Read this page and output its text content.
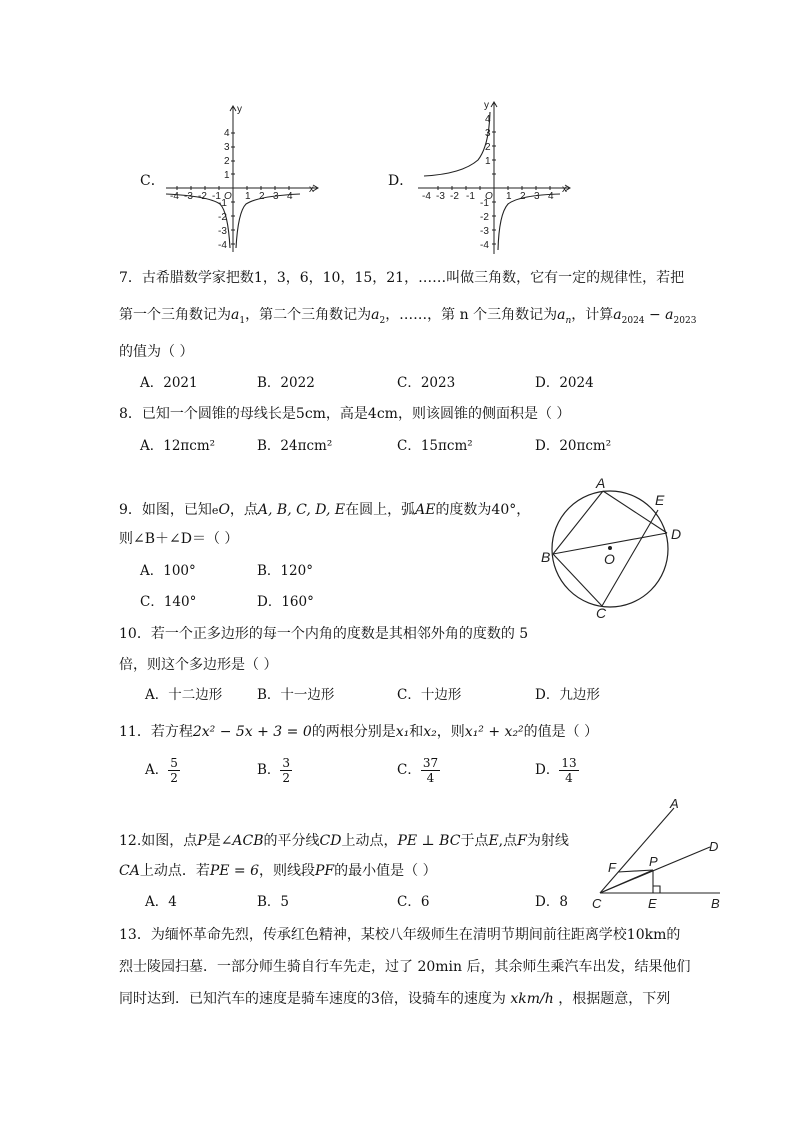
C．
x
y
O
-4 -3 -2 -1 1 2 3 4
4
3
2
1
-1
-2
-3
-4
D．
x
y
O
-4 -3 -2 -1	1 2 3 4
4
3
2
1
-1
-2
-3
-4
7．古希腊数学家把数1，3，6，10，15，21，……叫做三角数，它有一定的规律性，若把
第一个三角数记为$a_1$，第二个三角数记为$a_2$，……，第 n 个三角数记为$a_n$，计算$a_{2024} - a_{2023}$
的值为（ ）
A．2021	B．2022	C．2023	D．2024
8．已知一个圆锥的母线长是5cm，高是4cm，则该圆锥的侧面积是（ ）
A．12πcm²	B．24πcm²	C．15πcm²	D．20πcm²
9．如图，已知eO，点A, B, C, D, E在圆上，弧AE的度数为40°，
则∠B＋∠D＝（ ）
A．100°	B．120°
C．140°	D．160°
A
E
D
B	O
C
10．若一个正多边形的每一个内角的度数是其相邻外角的度数的 5
倍，则这个多边形是（ ）
A．十二边形	B．十一边形	C．十边形	D．九边形
11．若方程2x² − 5x + 3 = 0的两根分别是x₁和x₂，则x₁² + x₂²的值是（ ）
A． $\frac{5}{2}$	B． $\frac{3}{2}$	C． $\frac{37}{4}$	D． $\frac{13}{4}$
12.如图，点P是∠ACB的平分线CD上动点，PE ⊥ BC于点E,点F为射线
CA上动点．若PE = 6，则线段PF的最小值是（ ）
A．4	B．5	C．6	D．8
A
D
F	P
C	E	B
13．为缅怀革命先烈，传承红色精神，某校八年级师生在清明节期间前往距离学校10km的
烈士陵园扫墓．一部分师生骑自行车先走，过了 20min 后，其余师生乘汽车出发，结果他们
同时达到．已知汽车的速度是骑车速度的3倍，设骑车的速度为 xkm/h ，根据题意，下列
